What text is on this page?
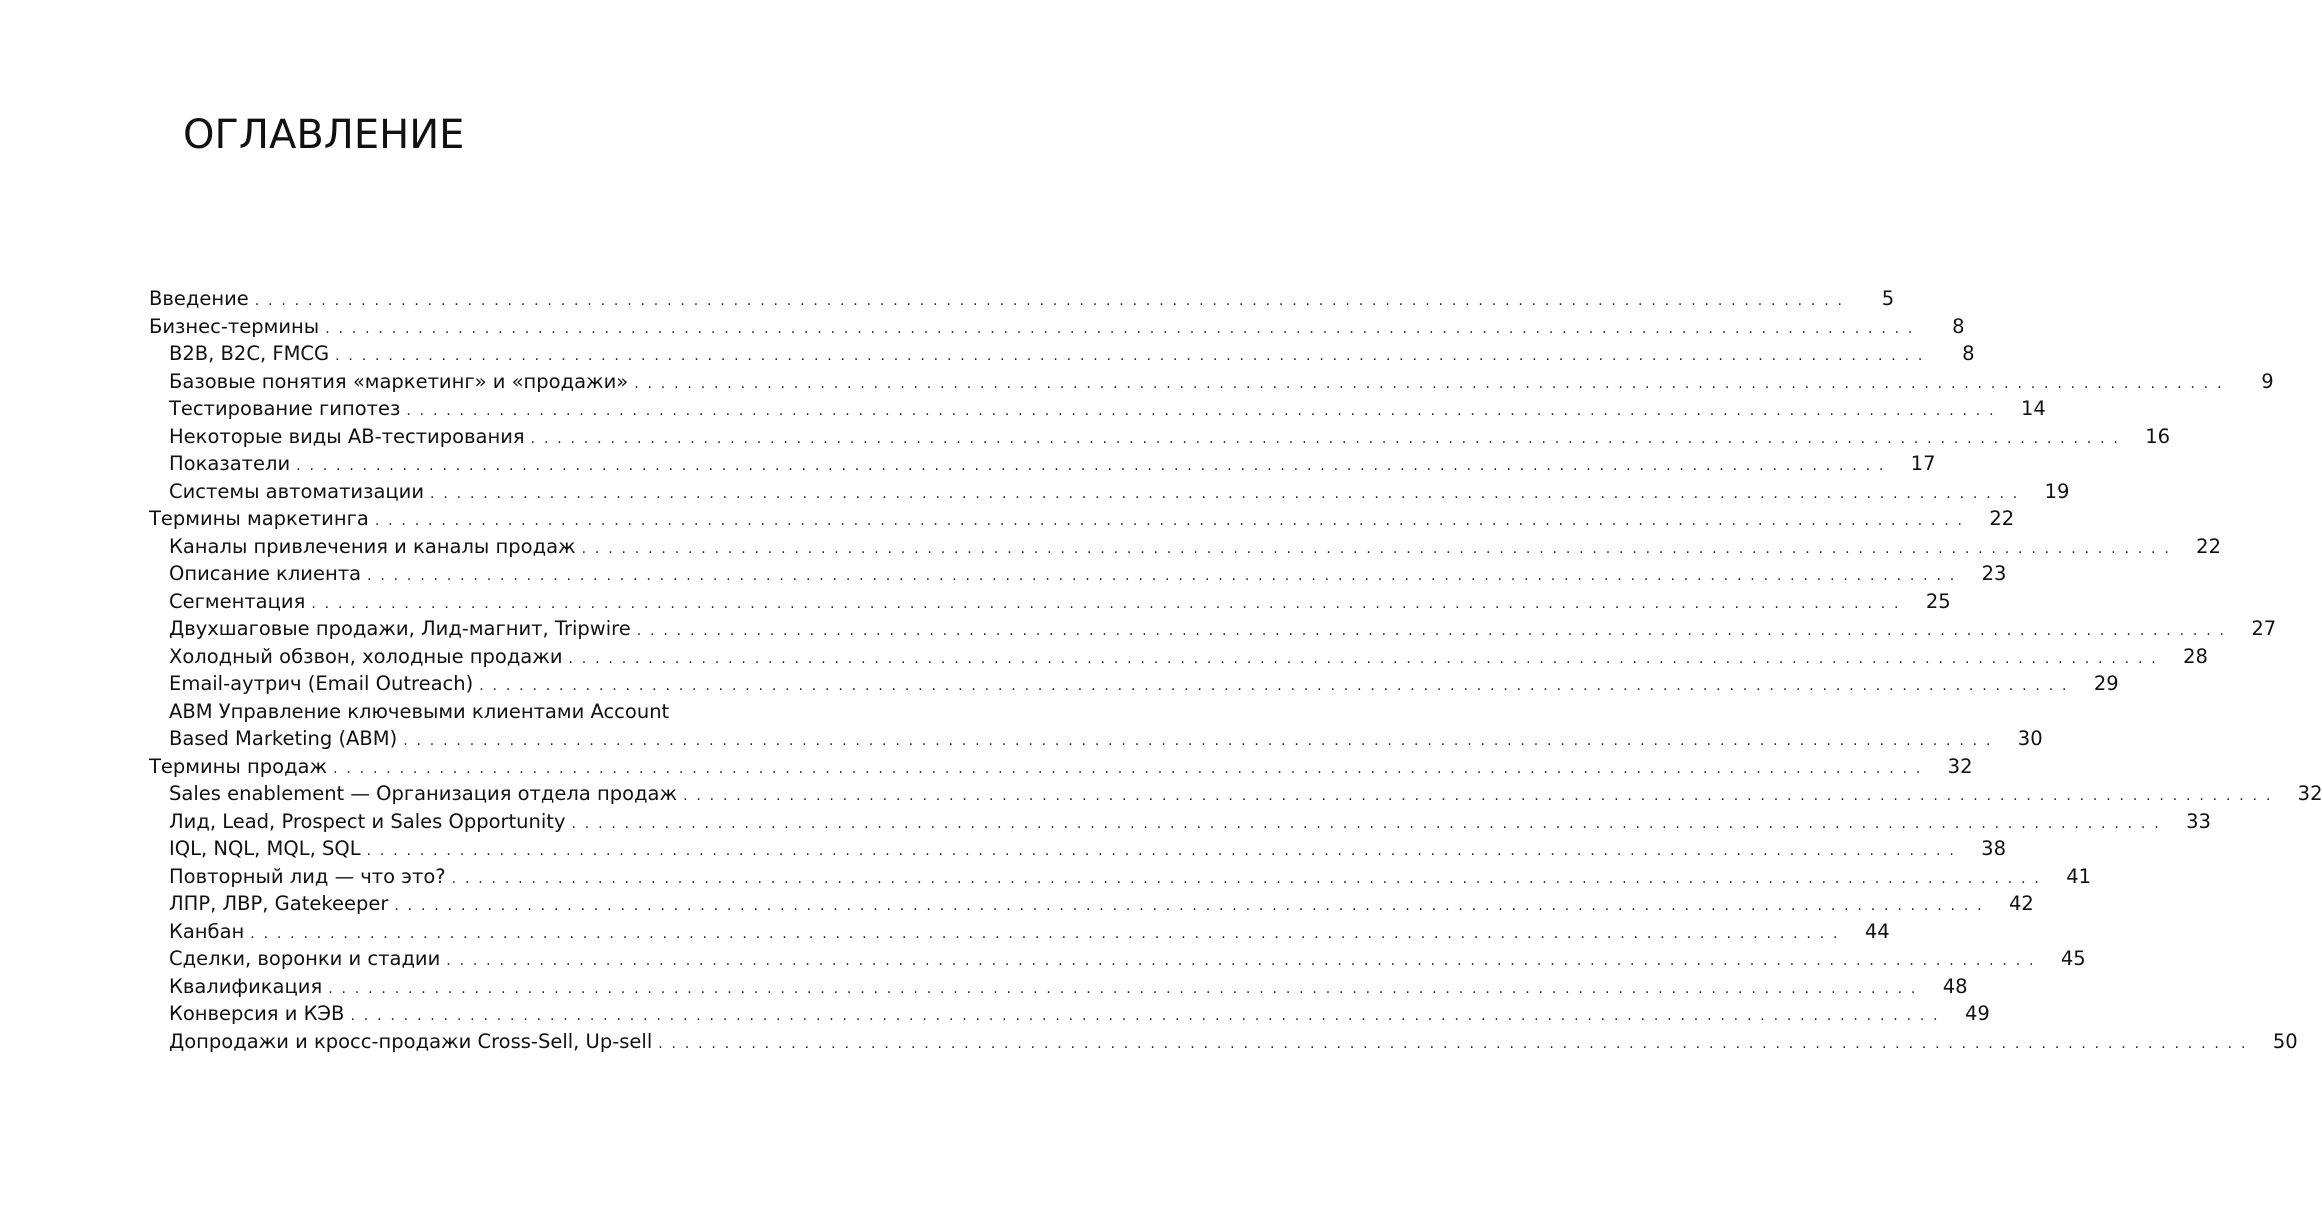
ОГЛАВЛЕНИЕ
Введение . . . . . . . . . . . . . . . . . . . . . . . . . . . . . . . . . . . . . . . . . . . . . . . . . . . . . . . . . . . . . . . . . . . . . . . . . . . . . . . . . . . . . . . . . . . . . . . . . . . . . . . . . . . . . . . . . . . . . . . .	5
Бизнес-термины . . . . . . . . . . . . . . . . . . . . . . . . . . . . . . . . . . . . . . . . . . . . . . . . . . . . . . . . . . . . . . . . . . . . . . . . . . . . . . . . . . . . . . . . . . . . . . . . . . . . . . . . . . . . . . . . . . . . . . . .	8
B2B, B2C, FMCG . . . . . . . . . . . . . . . . . . . . . . . . . . . . . . . . . . . . . . . . . . . . . . . . . . . . . . . . . . . . . . . . . . . . . . . . . . . . . . . . . . . . . . . . . . . . . . . . . . . . . . . . . . . . . . . . . . . . . . . .	8
Базовые понятия «маркетинг» и «продажи» . . . . . . . . . . . . . . . . . . . . . . . . . . . . . . . . . . . . . . . . . . . . . . . . . . . . . . . . . . . . . . . . . . . . . . . . . . . . . . . . . . . . . . . . . . . . . . . . . . . . . . . . . . . . . . . . . . . . . . . .	9
Тестирование гипотез . . . . . . . . . . . . . . . . . . . . . . . . . . . . . . . . . . . . . . . . . . . . . . . . . . . . . . . . . . . . . . . . . . . . . . . . . . . . . . . . . . . . . . . . . . . . . . . . . . . . . . . . . . . . . . . . . . . . . . . .	14
Некоторые виды АВ-тестирования . . . . . . . . . . . . . . . . . . . . . . . . . . . . . . . . . . . . . . . . . . . . . . . . . . . . . . . . . . . . . . . . . . . . . . . . . . . . . . . . . . . . . . . . . . . . . . . . . . . . . . . . . . . . . . . . . . . . . . . .	16
Показатели . . . . . . . . . . . . . . . . . . . . . . . . . . . . . . . . . . . . . . . . . . . . . . . . . . . . . . . . . . . . . . . . . . . . . . . . . . . . . . . . . . . . . . . . . . . . . . . . . . . . . . . . . . . . . . . . . . . . . . . .	17
Системы автоматизации . . . . . . . . . . . . . . . . . . . . . . . . . . . . . . . . . . . . . . . . . . . . . . . . . . . . . . . . . . . . . . . . . . . . . . . . . . . . . . . . . . . . . . . . . . . . . . . . . . . . . . . . . . . . . . . . . . . . . . . .	19
Термины маркетинга . . . . . . . . . . . . . . . . . . . . . . . . . . . . . . . . . . . . . . . . . . . . . . . . . . . . . . . . . . . . . . . . . . . . . . . . . . . . . . . . . . . . . . . . . . . . . . . . . . . . . . . . . . . . . . . . . . . . . . . .	22
Каналы привлечения и каналы продаж . . . . . . . . . . . . . . . . . . . . . . . . . . . . . . . . . . . . . . . . . . . . . . . . . . . . . . . . . . . . . . . . . . . . . . . . . . . . . . . . . . . . . . . . . . . . . . . . . . . . . . . . . . . . . . . . . . . . . . . .	22
Описание клиента . . . . . . . . . . . . . . . . . . . . . . . . . . . . . . . . . . . . . . . . . . . . . . . . . . . . . . . . . . . . . . . . . . . . . . . . . . . . . . . . . . . . . . . . . . . . . . . . . . . . . . . . . . . . . . . . . . . . . . . .	23
Сегментация . . . . . . . . . . . . . . . . . . . . . . . . . . . . . . . . . . . . . . . . . . . . . . . . . . . . . . . . . . . . . . . . . . . . . . . . . . . . . . . . . . . . . . . . . . . . . . . . . . . . . . . . . . . . . . . . . . . . . . . .	25
Двухшаговые продажи, Лид-магнит, Tripwire . . . . . . . . . . . . . . . . . . . . . . . . . . . . . . . . . . . . . . . . . . . . . . . . . . . . . . . . . . . . . . . . . . . . . . . . . . . . . . . . . . . . . . . . . . . . . . . . . . . . . . . . . . . . . . . . . . . . . . . .	27
Холодный обзвон, холодные продажи . . . . . . . . . . . . . . . . . . . . . . . . . . . . . . . . . . . . . . . . . . . . . . . . . . . . . . . . . . . . . . . . . . . . . . . . . . . . . . . . . . . . . . . . . . . . . . . . . . . . . . . . . . . . . . . . . . . . . . . .	28
Email-аутрич (Email Outreach) . . . . . . . . . . . . . . . . . . . . . . . . . . . . . . . . . . . . . . . . . . . . . . . . . . . . . . . . . . . . . . . . . . . . . . . . . . . . . . . . . . . . . . . . . . . . . . . . . . . . . . . . . . . . . . . . . . . . . . . .	29
ABM Управление ключевыми клиентами Account
Based Marketing (ABM) . . . . . . . . . . . . . . . . . . . . . . . . . . . . . . . . . . . . . . . . . . . . . . . . . . . . . . . . . . . . . . . . . . . . . . . . . . . . . . . . . . . . . . . . . . . . . . . . . . . . . . . . . . . . . . . . . . . . . . . .	30
Термины продаж . . . . . . . . . . . . . . . . . . . . . . . . . . . . . . . . . . . . . . . . . . . . . . . . . . . . . . . . . . . . . . . . . . . . . . . . . . . . . . . . . . . . . . . . . . . . . . . . . . . . . . . . . . . . . . . . . . . . . . . .	32
Sales enablement — Организация отдела продаж . . . . . . . . . . . . . . . . . . . . . . . . . . . . . . . . . . . . . . . . . . . . . . . . . . . . . . . . . . . . . . . . . . . . . . . . . . . . . . . . . . . . . . . . . . . . . . . . . . . . . . . . . . . . . . . . . . . . . . . .	32
Лид, Lead, Prospect и Sales Opportunity . . . . . . . . . . . . . . . . . . . . . . . . . . . . . . . . . . . . . . . . . . . . . . . . . . . . . . . . . . . . . . . . . . . . . . . . . . . . . . . . . . . . . . . . . . . . . . . . . . . . . . . . . . . . . . . . . . . . . . . .	33
IQL, NQL, MQL, SQL . . . . . . . . . . . . . . . . . . . . . . . . . . . . . . . . . . . . . . . . . . . . . . . . . . . . . . . . . . . . . . . . . . . . . . . . . . . . . . . . . . . . . . . . . . . . . . . . . . . . . . . . . . . . . . . . . . . . . . . .	38
Повторный лид — что это? . . . . . . . . . . . . . . . . . . . . . . . . . . . . . . . . . . . . . . . . . . . . . . . . . . . . . . . . . . . . . . . . . . . . . . . . . . . . . . . . . . . . . . . . . . . . . . . . . . . . . . . . . . . . . . . . . . . . . . . .	41
ЛПР, ЛВР, Gatekeeper . . . . . . . . . . . . . . . . . . . . . . . . . . . . . . . . . . . . . . . . . . . . . . . . . . . . . . . . . . . . . . . . . . . . . . . . . . . . . . . . . . . . . . . . . . . . . . . . . . . . . . . . . . . . . . . . . . . . . . . .	42
Канбан . . . . . . . . . . . . . . . . . . . . . . . . . . . . . . . . . . . . . . . . . . . . . . . . . . . . . . . . . . . . . . . . . . . . . . . . . . . . . . . . . . . . . . . . . . . . . . . . . . . . . . . . . . . . . . . . . . . . . . . .	44
Сделки, воронки и стадии . . . . . . . . . . . . . . . . . . . . . . . . . . . . . . . . . . . . . . . . . . . . . . . . . . . . . . . . . . . . . . . . . . . . . . . . . . . . . . . . . . . . . . . . . . . . . . . . . . . . . . . . . . . . . . . . . . . . . . . .	45
Квалификация . . . . . . . . . . . . . . . . . . . . . . . . . . . . . . . . . . . . . . . . . . . . . . . . . . . . . . . . . . . . . . . . . . . . . . . . . . . . . . . . . . . . . . . . . . . . . . . . . . . . . . . . . . . . . . . . . . . . . . . .	48
Конверсия и КЭВ . . . . . . . . . . . . . . . . . . . . . . . . . . . . . . . . . . . . . . . . . . . . . . . . . . . . . . . . . . . . . . . . . . . . . . . . . . . . . . . . . . . . . . . . . . . . . . . . . . . . . . . . . . . . . . . . . . . . . . . .	49
Допродажи и кросс-продажи Cross-Sell, Up-sell . . . . . . . . . . . . . . . . . . . . . . . . . . . . . . . . . . . . . . . . . . . . . . . . . . . . . . . . . . . . . . . . . . . . . . . . . . . . . . . . . . . . . . . . . . . . . . . . . . . . . . . . . . . . . . . . . . . . . . . .	50
